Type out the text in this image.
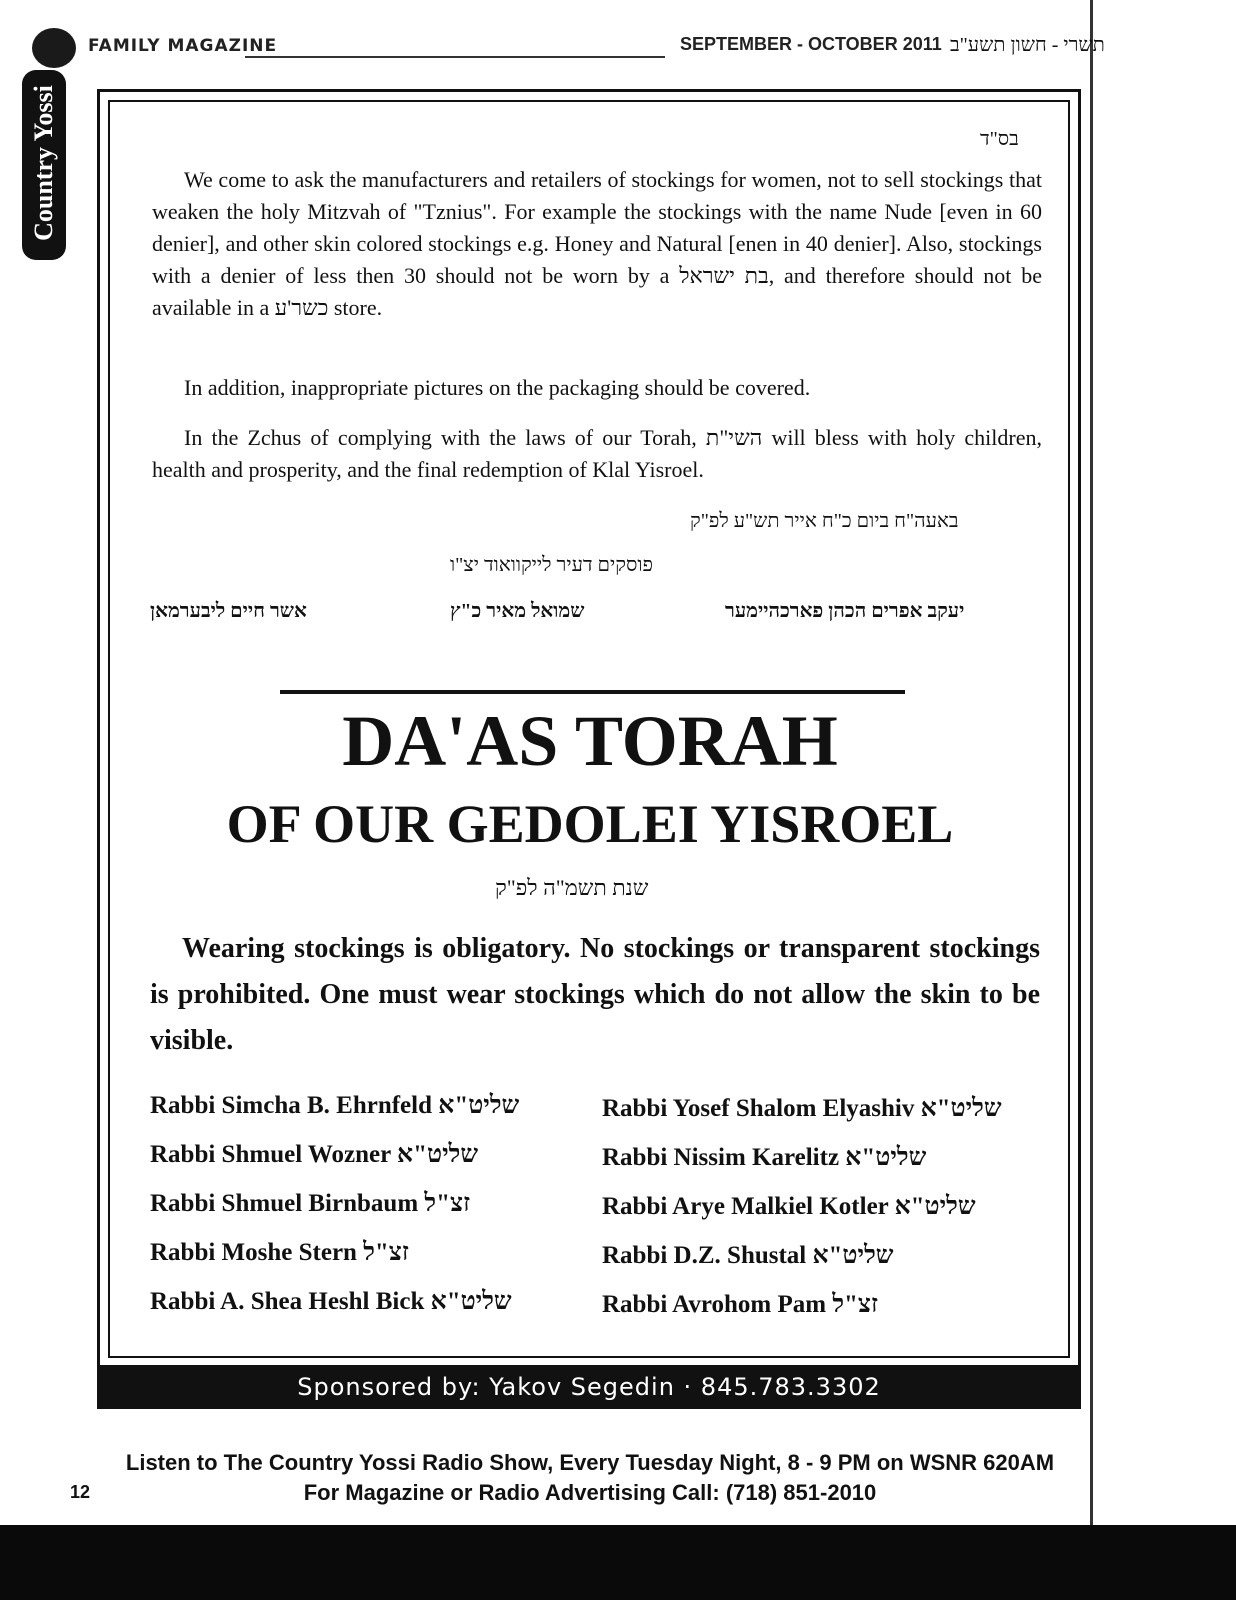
FAMILY MAGAZINE	SEPTEMBER - OCTOBER 2011 תשרי - חשון תשע"ב
Country Yossi	בס"ד

We come to ask the manufacturers and retailers of stockings for women, not to sell stockings that weaken the holy Mitzvah of "Tznius". For example the stockings with the name Nude [even in 60 denier], and other skin colored stockings e.g. Honey and Natural [enen in 40 denier]. Also, stockings with a denier of less then 30 should not be worn by a בת ישראל, and therefore should not be available in a כשר'ע store.

In addition, inappropriate pictures on the packaging should be covered.

In the Zchus of complying with the laws of our Torah, השי"ת will bless with holy children, health and prosperity, and the final redemption of Klal Yisroel.

באעה"ח ביום כ"ח אייר תש"ע לפ"ק
פוסקים דעיר לייקוואוד יצ"ו
יעקב אפרים הכהן פארכהיימער
שמואל מאיר כ"ץ
אשר חיים ליבערמאן
DA'AS TORAH
OF OUR GEDOLEI YISROEL
שנת תשמ"ה לפ"ק

Wearing stockings is obligatory. No stockings or transparent stockings is prohibited. One must wear stockings which do not allow the skin to be visible.

Rabbi Simcha B. Ehrnfeld שליט"א
Rabbi Shmuel Wozner שליט"א
Rabbi Shmuel Birnbaum זצ"ל
Rabbi Moshe Stern זצ"ל
Rabbi A. Shea Heshl Bick שליט"א
Rabbi Yosef Shalom Elyashiv שליט"א
Rabbi Nissim Karelitz שליט"א
Rabbi Arye Malkiel Kotler שליט"א
Rabbi D.Z. Shustal שליט"א
Rabbi Avrohom Pam זצ"ל
Sponsored by: Yakov Segedin · 845.783.3302
Listen to The Country Yossi Radio Show, Every Tuesday Night, 8 - 9 PM on WSNR 620AM
For Magazine or Radio Advertising Call: (718) 851-2010
12
